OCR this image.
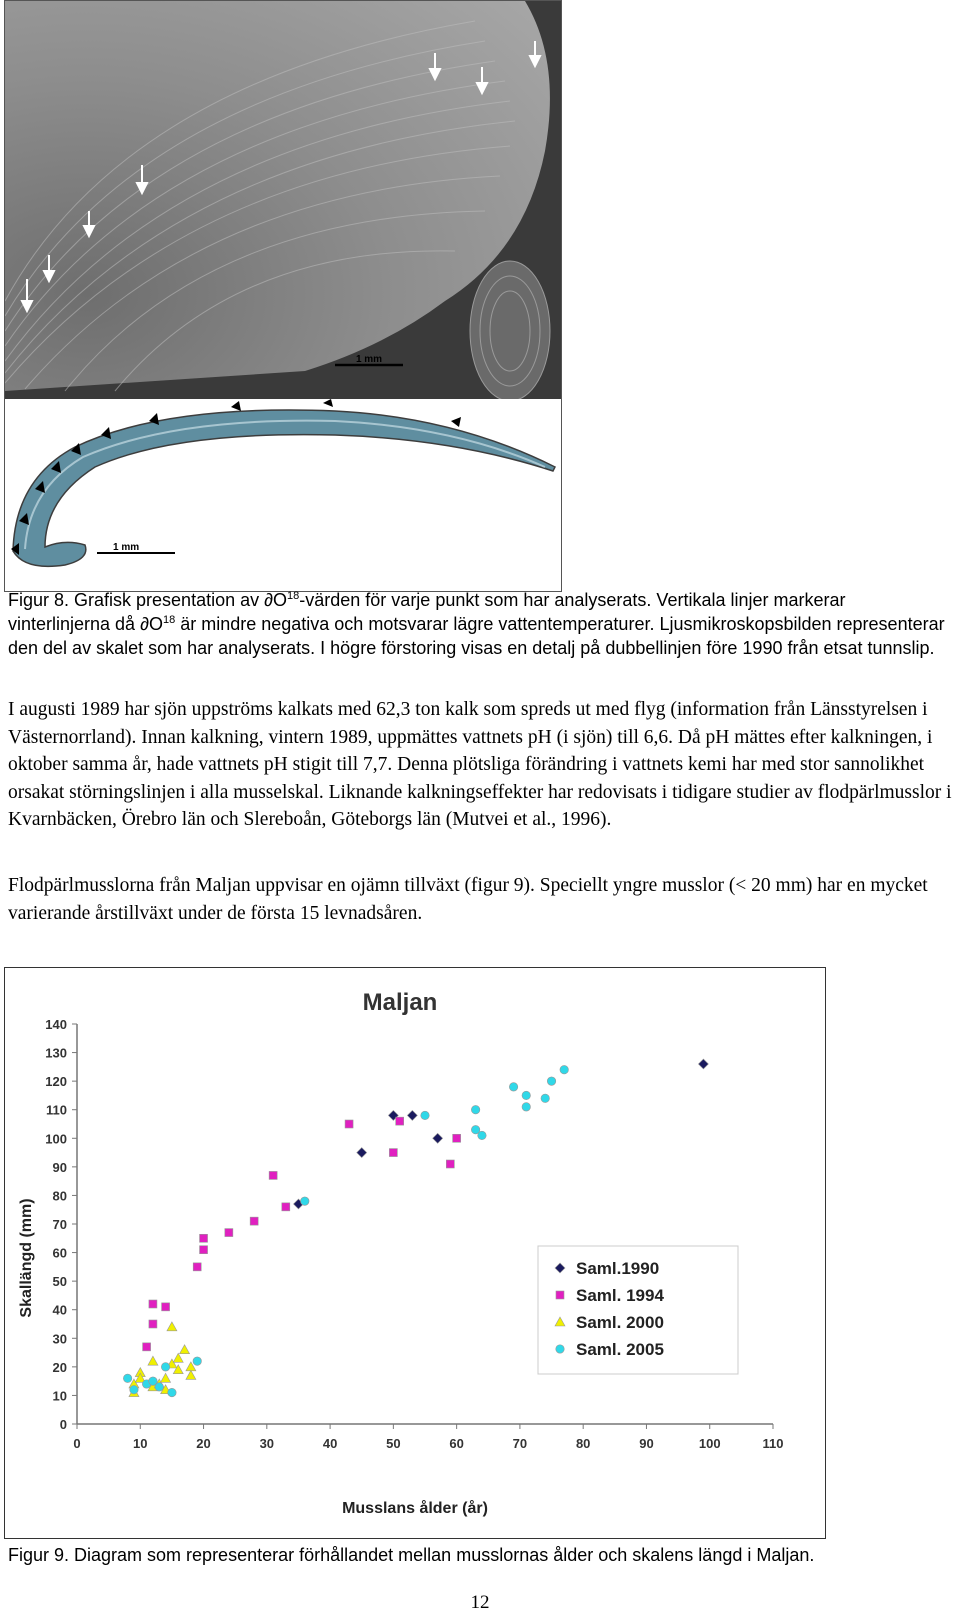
1 mm
1 mm
Figur 8. Grafisk presentation av $\partial O^{18}$-värden för varje punkt som har analyserats. Vertikala linjer markerar vinterlinjerna då $\partial O^{18}$ är mindre negativa och motsvarar lägre vattentemperaturer. Ljusmikroskopsbilden representerar den del av skalet som har analyserats. I högre förstoring visas en detalj på dubbellinjen före 1990 från etsat tunnslip.

I augusti 1989 har sjön uppströms kalkats med 62,3 ton kalk som spreds ut med flyg (information från Länsstyrelsen i Västernorrland). Innan kalkning, vintern 1989, uppmättes vattnets pH (i sjön) till 6,6. Då pH mättes efter kalkningen, i oktober samma år, hade vattnets pH stigit till 7,7. Denna plötsliga förändring i vattnets kemi har med stor sannolikhet orsakat störningslinjen i alla musselskal. Liknande kalkningseffekter har redovisats i tidigare studier av flodpärlmusslor i Kvarnbäcken, Örebro län och Slereboån, Göteborgs län (Mutvei et al., 1996).

Flodpärlmusslorna från Maljan uppvisar en ojämn tillväxt (figur 9). Speciellt yngre musslor (< 20 mm) har en mycket varierande årstillväxt under de första 15 levnadsåren.

Maljan
0	10	20	30	40	50	60	70	80	90	100	110
0
10
20
30
40
50
60
70
80
90
100
110
120
130
140
Musslans ålder (år)
Skallängd (mm)	Saml.1990
Saml. 1994
Saml. 2000
Saml. 2005
Figur 9. Diagram som representerar förhållandet mellan musslornas ålder och skalens längd i Maljan.
12
